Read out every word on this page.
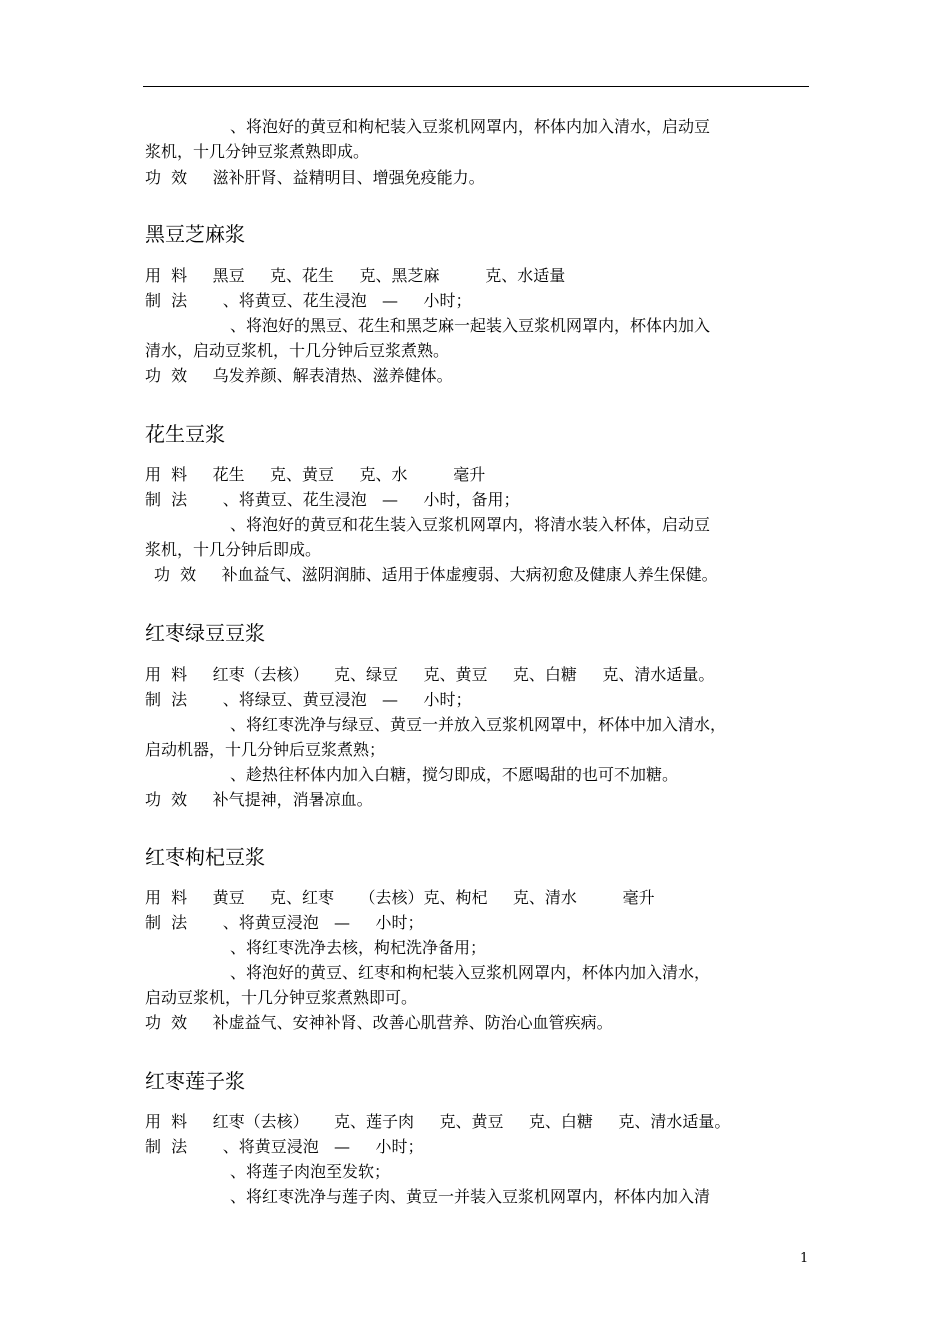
、将泡好的黄豆和枸杞装入豆浆机网罩内，杯体内加入清水，启动豆
浆机，十几分钟豆浆煮熟即成。
功  效     滋补肝肾、益精明目、增强免疫能力。
黑豆芝麻浆
用  料     黑豆     克、花生     克、黑芝麻         克、水适量
制  法       、将黄豆、花生浸泡   —     小时；
、将泡好的黑豆、花生和黑芝麻一起装入豆浆机网罩内，杯体内加入
清水，启动豆浆机，十几分钟后豆浆煮熟。
功  效     乌发养颜、解表清热、滋养健体。
花生豆浆
用  料     花生     克、黄豆     克、水         毫升
制  法       、将黄豆、花生浸泡   —     小时，备用；
、将泡好的黄豆和花生装入豆浆机网罩内，将清水装入杯体，启动豆
浆机，十几分钟后即成。
功  效     补血益气、滋阴润肺、适用于体虚瘦弱、大病初愈及健康人养生保健。
红枣绿豆豆浆
用  料     红枣（去核）     克、绿豆     克、黄豆     克、白糖     克、清水适量。
制  法       、将绿豆、黄豆浸泡   —     小时；
、将红枣洗净与绿豆、黄豆一并放入豆浆机网罩中，杯体中加入清水，
启动机器，十几分钟后豆浆煮熟；
、趁热往杯体内加入白糖，搅匀即成，不愿喝甜的也可不加糖。
功  效     补气提神，消暑凉血。
红枣枸杞豆浆
用  料     黄豆     克、红枣     （去核）克、枸杞     克、清水         毫升
制  法       、将黄豆浸泡   —     小时；
、将红枣洗净去核，枸杞洗净备用；
、将泡好的黄豆、红枣和枸杞装入豆浆机网罩内，杯体内加入清水，
启动豆浆机，十几分钟豆浆煮熟即可。
功  效     补虚益气、安神补肾、改善心肌营养、防治心血管疾病。
红枣莲子浆
用  料     红枣（去核）     克、莲子肉     克、黄豆     克、白糖     克、清水适量。
制  法       、将黄豆浸泡   —     小时；
、将莲子肉泡至发软；
、将红枣洗净与莲子肉、黄豆一并装入豆浆机网罩内，杯体内加入清
1
